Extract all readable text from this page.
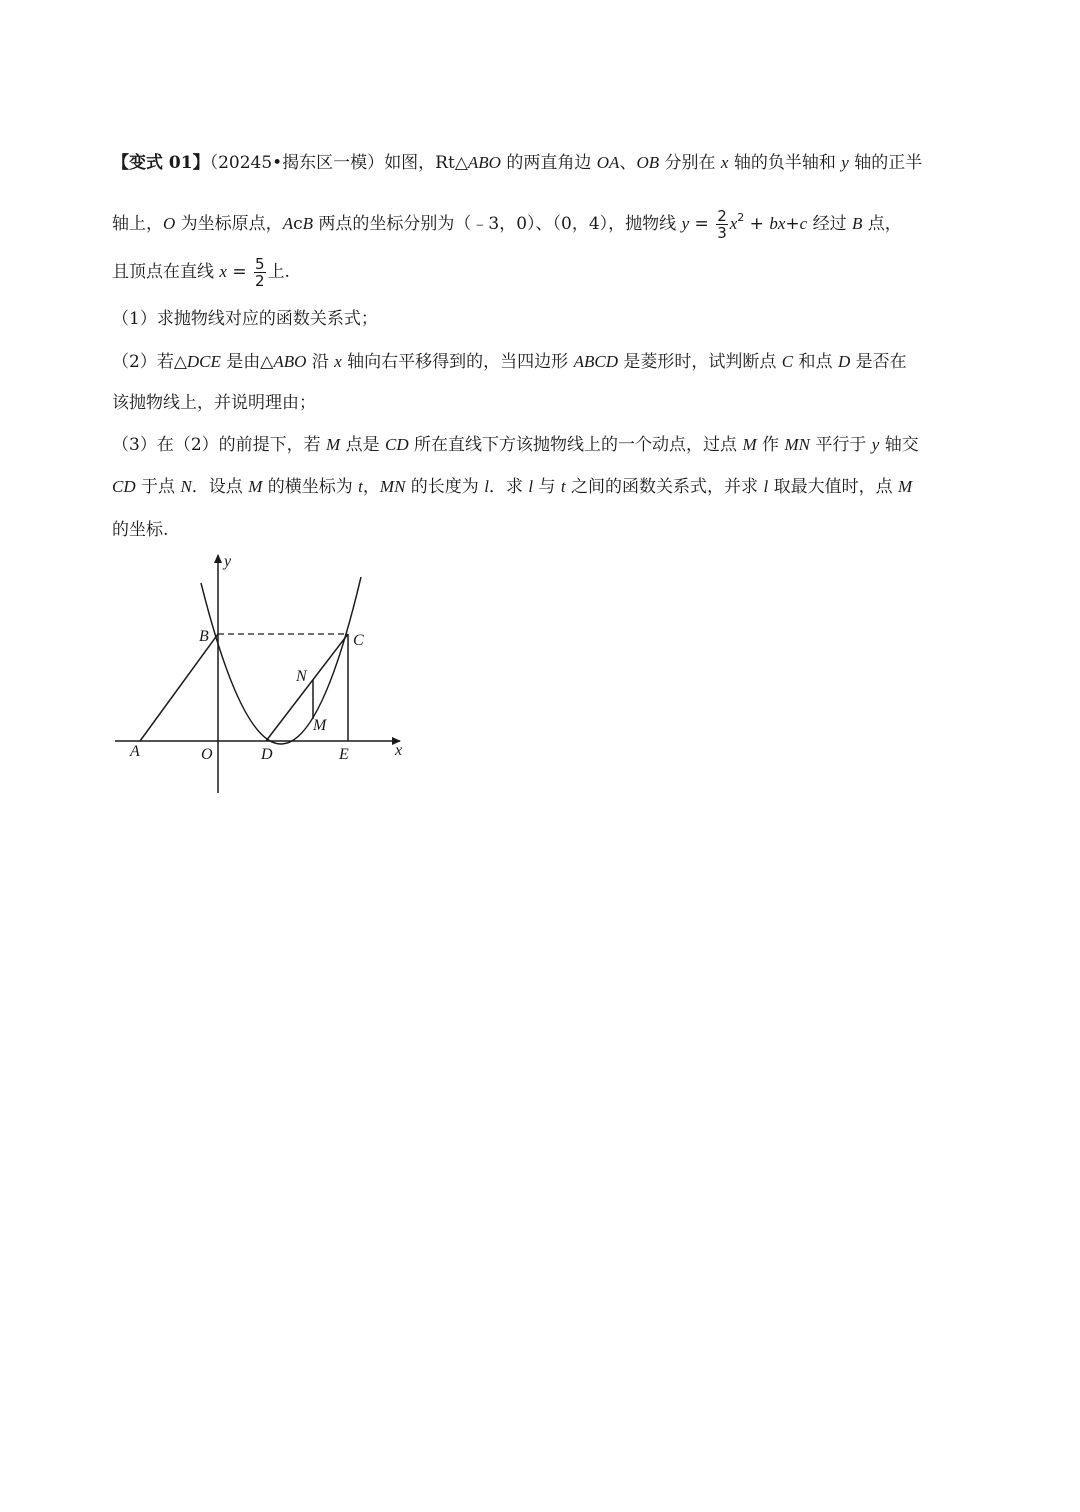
【变式 01】（20245•揭东区一模）如图，Rt△ABO 的两直角边 OA、OB 分别在 x 轴的负半轴和 y 轴的正半
轴上，O 为坐标原点，AcB 两点的坐标分别为（﹣3，0）、（0，4），抛物线 $y = \frac{2}{3} x^2 + bx+c$ 经过 B 点，
且顶点在直线 $x = \frac{5}{2}$ 上.
（1）求抛物线对应的函数关系式；
（2）若△DCE 是由△ABO 沿 x 轴向右平移得到的，当四边形 ABCD 是菱形时，试判断点 C 和点 D 是否在
该抛物线上，并说明理由；
（3）在（2）的前提下，若 M 点是 CD 所在直线下方该抛物线上的一个动点，过点 M 作 MN 平行于 y 轴交
CD 于点 N．设点 M 的横坐标为 t，MN 的长度为 l．求 l 与 t 之间的函数关系式，并求 l 取最大值时，点 M
的坐标.
y
x
B	C
N
M
A	O	D	E
